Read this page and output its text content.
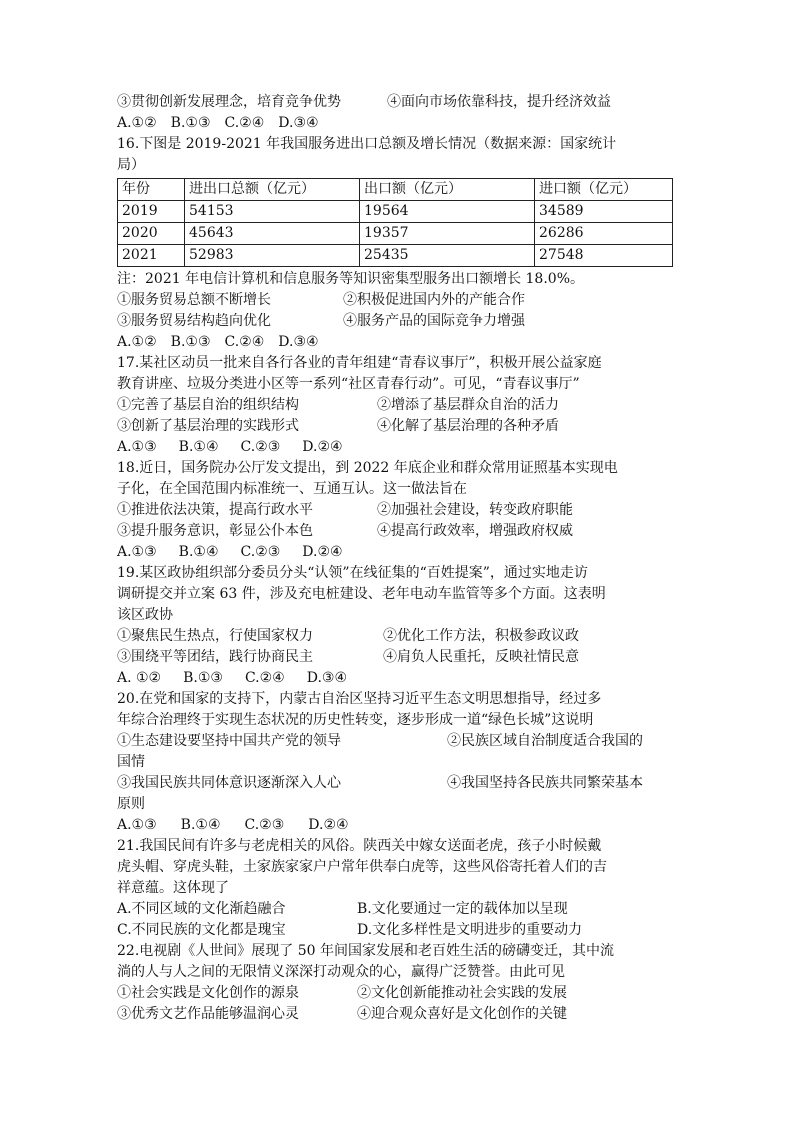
③贯彻创新发展理念，培育竞争优势	④面向市场依靠科技，提升经济效益
A.①② B.①③ C.②④ D.③④
16.下图是 2019-2021 年我国服务进出口总额及增长情况（数据来源：国家统计
局）
年份	进出口总额（亿元）	出口额（亿元）	进口额（亿元）
2019	54153	19564	34589
2020	45643	19357	26286
2021	52983	25435	27548
注：2021 年电信计算机和信息服务等知识密集型服务出口额增长 18.0%。
①服务贸易总额不断增长	②积极促进国内外的产能合作
③服务贸易结构趋向优化	④服务产品的国际竞争力增强
A.①② B.①③ C.②④ D.③④
17.某社区动员一批来自各行各业的青年组建“青春议事厅”，积极开展公益家庭
教育讲座、垃圾分类进小区等一系列“社区青春行动”。可见，“青春议事厅”
①完善了基层自治的组织结构	②增添了基层群众自治的活力
③创新了基层治理的实践形式	④化解了基层治理的各种矛盾
A.①③ B.①④ C.②③ D.②④
18.近日，国务院办公厅发文提出，到 2022 年底企业和群众常用证照基本实现电
子化，在全国范围内标准统一、互通互认。这一做法旨在
①推进依法决策，提高行政水平	②加强社会建设，转变政府职能
③提升服务意识，彰显公仆本色	④提高行政效率，增强政府权威
A.①③ B.①④ C.②③ D.②④
19.某区政协组织部分委员分头“认领”在线征集的“百姓提案”，通过实地走访
调研提交并立案 63 件，涉及充电桩建设、老年电动车监管等多个方面。这表明
该区政协
①聚焦民生热点，行使国家权力	②优化工作方法，积极参政议政
③围绕平等团结，践行协商民主	④肩负人民重托，反映社情民意
A. ①② B.①③ C.②④ D.③④
20.在党和国家的支持下，内蒙古自治区坚持习近平生态文明思想指导，经过多
年综合治理终于实现生态状况的历史性转变，逐步形成一道“绿色长城”这说明
①生态建设要坚持中国共产党的领导	②民族区域自治制度适合我国的
国情
③我国民族共同体意识逐渐深入人心	④我国坚持各民族共同繁荣基本
原则
A.①③ B.①④ C.②③ D.②④
21.我国民间有许多与老虎相关的风俗。陕西关中嫁女送面老虎，孩子小时候戴
虎头帽、穿虎头鞋，土家族家家户户常年供奉白虎等，这些风俗寄托着人们的吉
祥意蕴。这体现了
A.不同区域的文化渐趋融合	B.文化要通过一定的载体加以呈现
C.不同民族的文化都是瑰宝	D.文化多样性是文明进步的重要动力
22.电视剧《人世间》展现了 50 年间国家发展和老百姓生活的磅礴变迁，其中流
淌的人与人之间的无限情义深深打动观众的心，赢得广泛赞誉。由此可见
①社会实践是文化创作的源泉	②文化创新能推动社会实践的发展
③优秀文艺作品能够温润心灵	④迎合观众喜好是文化创作的关键
